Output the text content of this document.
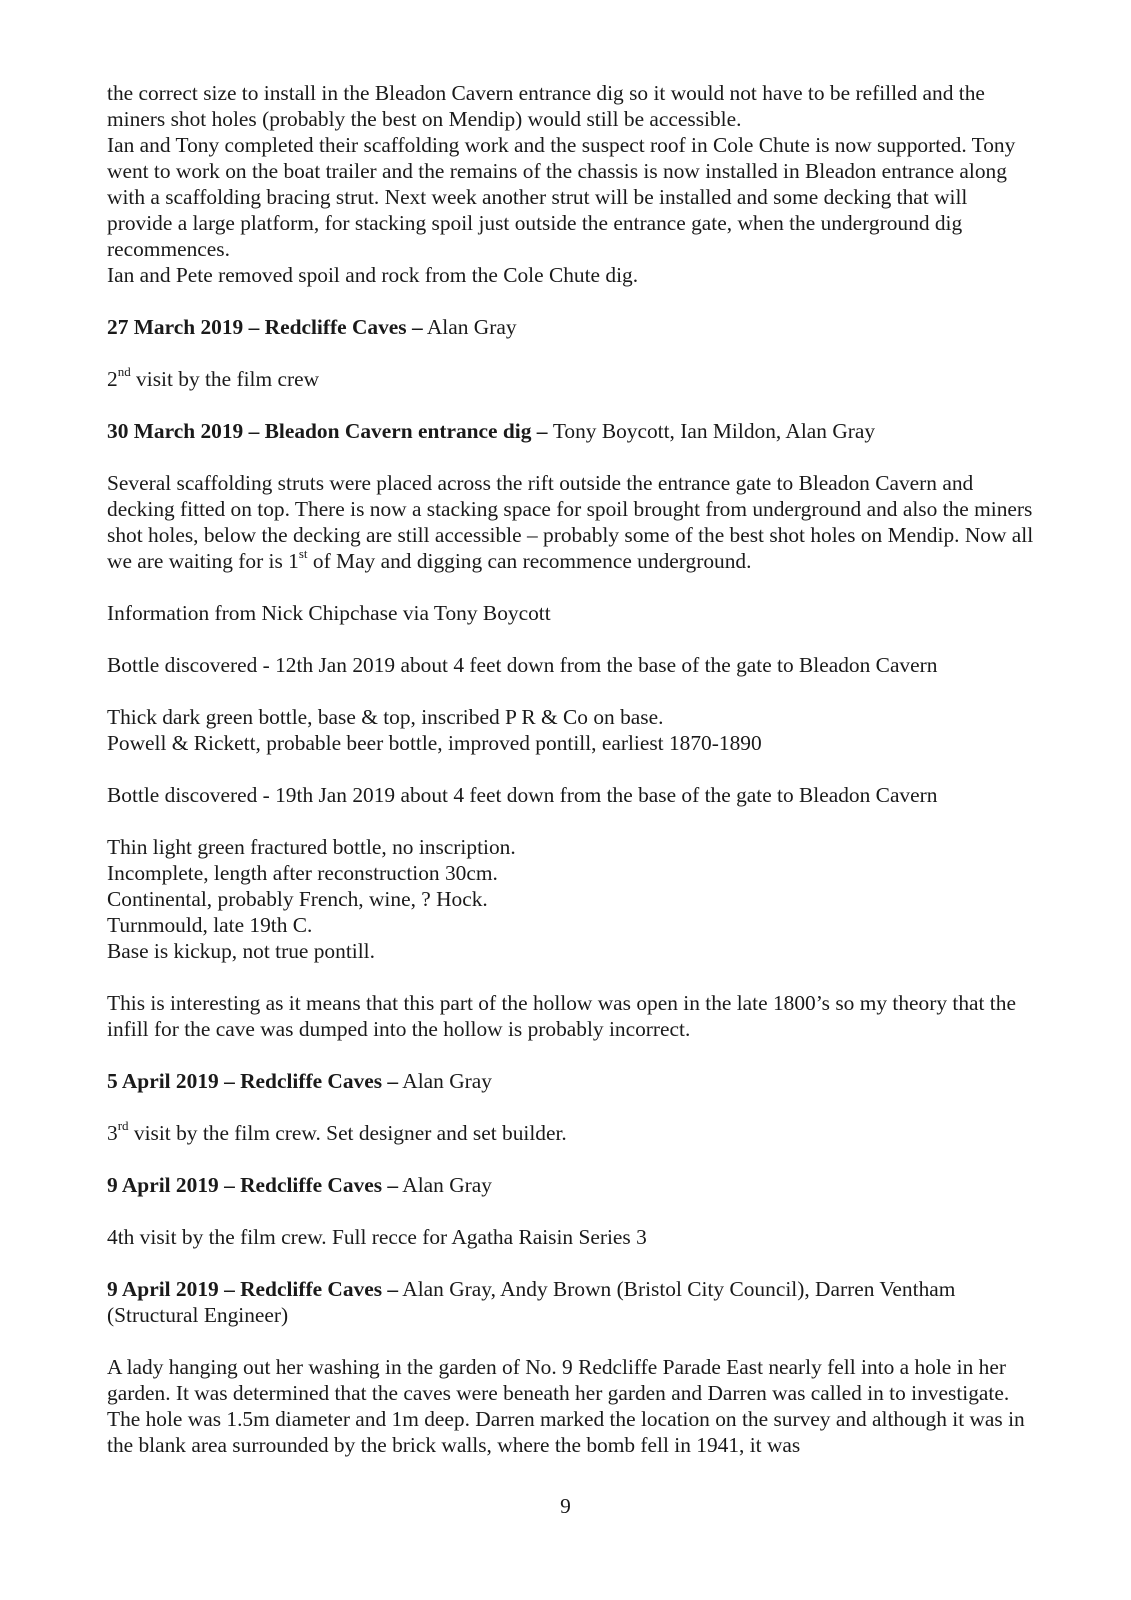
the correct size to install in the Bleadon Cavern entrance dig so it would not have to be refilled and the miners shot holes (probably the best on Mendip) would still be accessible.

Ian and Tony completed their scaffolding work and the suspect roof in Cole Chute is now supported. Tony went to work on the boat trailer and the remains of the chassis is now installed in Bleadon entrance along with a scaffolding bracing strut. Next week another strut will be installed and some decking that will provide a large platform, for stacking spoil just outside the entrance gate, when the underground dig recommences.

Ian and Pete removed spoil and rock from the Cole Chute dig.

27 March 2019 – Redcliffe Caves – Alan Gray

2nd visit by the film crew

30 March 2019 – Bleadon Cavern entrance dig – Tony Boycott, Ian Mildon, Alan Gray

Several scaffolding struts were placed across the rift outside the entrance gate to Bleadon Cavern and decking fitted on top. There is now a stacking space for spoil brought from underground and also the miners shot holes, below the decking are still accessible – probably some of the best shot holes on Mendip. Now all we are waiting for is 1st of May and digging can recommence underground.

Information from Nick Chipchase via Tony Boycott

Bottle discovered - 12th Jan 2019 about 4 feet down from the base of the gate to Bleadon Cavern

Thick dark green bottle, base & top, inscribed P R & Co on base.

Powell & Rickett, probable beer bottle, improved pontill, earliest 1870-1890

Bottle discovered - 19th Jan 2019 about 4 feet down from the base of the gate to Bleadon Cavern

Thin light green fractured bottle, no inscription.

Incomplete, length after reconstruction 30cm.

Continental, probably French, wine, ? Hock.

Turnmould, late 19th C.

Base is kickup, not true pontill.

This is interesting as it means that this part of the hollow was open in the late 1800’s so my theory that the infill for the cave was dumped into the hollow is probably incorrect.

5 April 2019 – Redcliffe Caves – Alan Gray

3rd visit by the film crew. Set designer and set builder.

9 April 2019 – Redcliffe Caves – Alan Gray

4th visit by the film crew. Full recce for Agatha Raisin Series 3

9 April 2019 – Redcliffe Caves – Alan Gray, Andy Brown (Bristol City Council), Darren Ventham (Structural Engineer)

A lady hanging out her washing in the garden of No. 9 Redcliffe Parade East nearly fell into a hole in her garden. It was determined that the caves were beneath her garden and Darren was called in to investigate. The hole was 1.5m diameter and 1m deep. Darren marked the location on the survey and although it was in the blank area surrounded by the brick walls, where the bomb fell in 1941, it was

9
